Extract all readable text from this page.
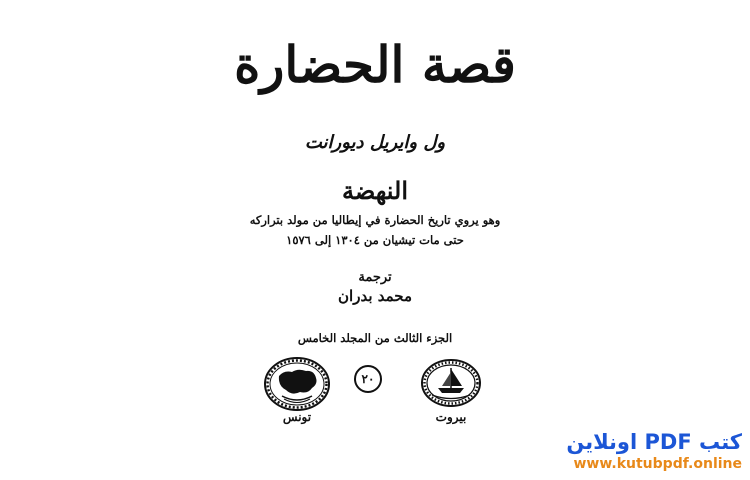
قصة الحضارة
ول وايريل ديورانت
النهضة
وهو يروي تاريخ الحضارة في إيطاليا من مولد بتراركه
حتى مات تيشيان من ١٣٠٤ إلى ١٥٧٦
ترجمة
محمد بدران
الجزء الثالث من المجلد الخامس
تونس
٢٠
بيروت
كتب PDF اونلاين
www.kutubpdf.online
